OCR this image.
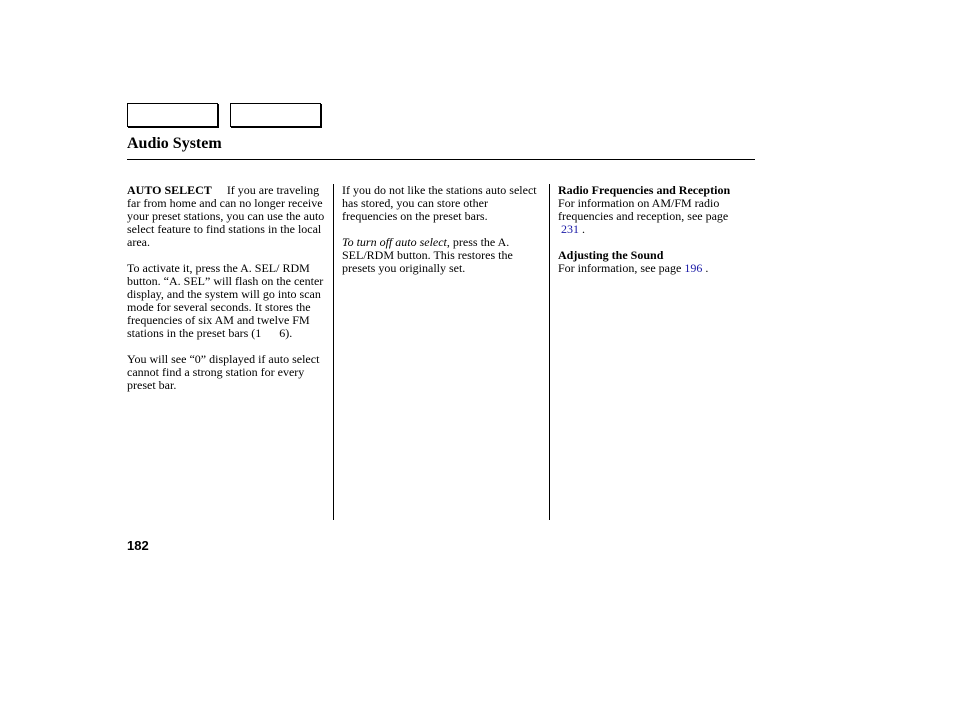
Audio System

AUTO SELECT If you are traveling far from home and can no longer receive your preset stations, you can use the auto select feature to find stations in the local area.

To activate it, press the A. SEL/ RDM button. “A. SEL” will flash on the center display, and the system will go into scan mode for several seconds. It stores the frequencies of six AM and twelve FM stations in the preset bars (1      6).

You will see “0” displayed if auto select cannot find a strong station for every preset bar.

If you do not like the stations auto select has stored, you can store other frequencies on the preset bars.

To turn off auto select, press the A. SEL/RDM button. This restores the presets you originally set.

Radio Frequencies and Reception
For information on AM/FM radio frequencies and reception, see page
231 .

Adjusting the Sound
For information, see page 196 .

182
